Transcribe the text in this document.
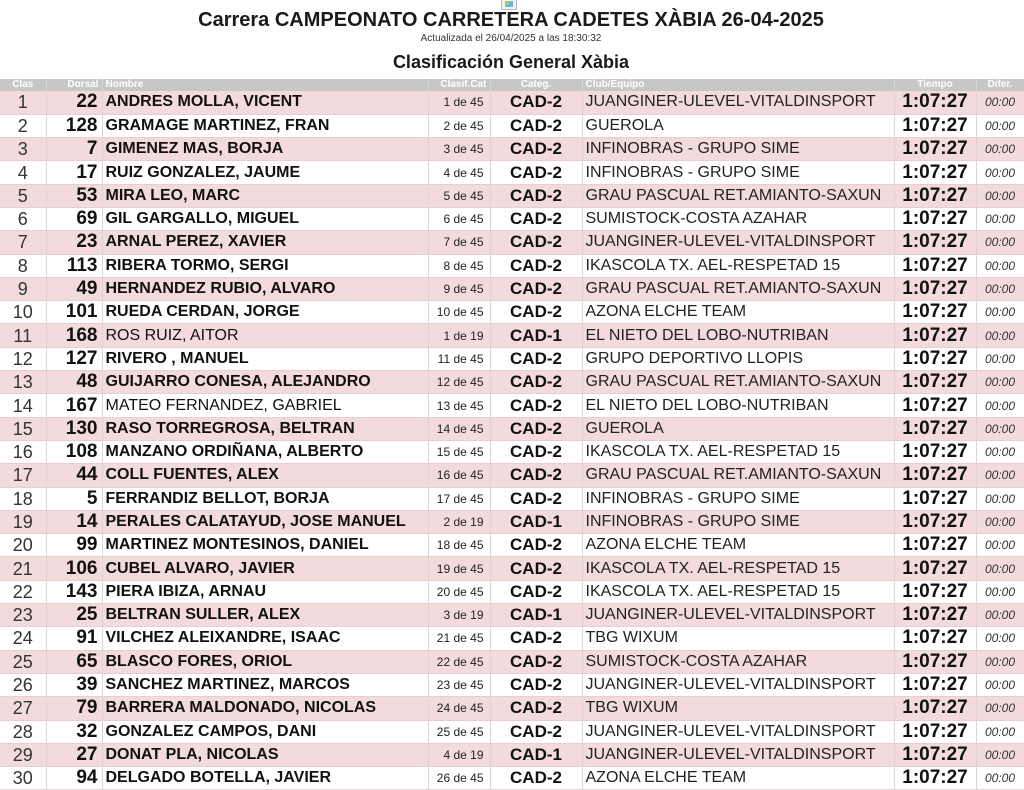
Carrera CAMPEONATO CARRETERA CADETES XÀBIA 26-04-2025
Actualizada el 26/04/2025 a las 18:30:32
Clasificación General Xàbia
Clas	Dorsal	Nombre	Clasif.Cat	Categ.	Club/Equipo	Tiempo	Difer.
1	22	ANDRES MOLLA, VICENT	1 de 45	CAD-2	JUANGINER-ULEVEL-VITALDINSPORT	1:07:27	00:00
2	128	GRAMAGE MARTINEZ, FRAN	2 de 45	CAD-2	GUEROLA	1:07:27	00:00
3	7	GIMENEZ MAS, BORJA	3 de 45	CAD-2	INFINOBRAS - GRUPO SIME	1:07:27	00:00
4	17	RUIZ GONZALEZ, JAUME	4 de 45	CAD-2	INFINOBRAS - GRUPO SIME	1:07:27	00:00
5	53	MIRA LEO, MARC	5 de 45	CAD-2	GRAU PASCUAL RET.AMIANTO-SAXUN	1:07:27	00:00
6	69	GIL GARGALLO, MIGUEL	6 de 45	CAD-2	SUMISTOCK-COSTA AZAHAR	1:07:27	00:00
7	23	ARNAL PEREZ, XAVIER	7 de 45	CAD-2	JUANGINER-ULEVEL-VITALDINSPORT	1:07:27	00:00
8	113	RIBERA TORMO, SERGI	8 de 45	CAD-2	IKASCOLA TX. AEL-RESPETAD 15	1:07:27	00:00
9	49	HERNANDEZ RUBIO, ALVARO	9 de 45	CAD-2	GRAU PASCUAL RET.AMIANTO-SAXUN	1:07:27	00:00
10	101	RUEDA CERDAN, JORGE	10 de 45	CAD-2	AZONA ELCHE TEAM	1:07:27	00:00
11	168	ROS RUIZ, AITOR	1 de 19	CAD-1	EL NIETO DEL LOBO-NUTRIBAN	1:07:27	00:00
12	127	RIVERO , MANUEL	11 de 45	CAD-2	GRUPO DEPORTIVO LLOPIS	1:07:27	00:00
13	48	GUIJARRO CONESA, ALEJANDRO	12 de 45	CAD-2	GRAU PASCUAL RET.AMIANTO-SAXUN	1:07:27	00:00
14	167	MATEO FERNANDEZ, GABRIEL	13 de 45	CAD-2	EL NIETO DEL LOBO-NUTRIBAN	1:07:27	00:00
15	130	RASO TORREGROSA, BELTRAN	14 de 45	CAD-2	GUEROLA	1:07:27	00:00
16	108	MANZANO ORDIÑANA, ALBERTO	15 de 45	CAD-2	IKASCOLA TX. AEL-RESPETAD 15	1:07:27	00:00
17	44	COLL FUENTES, ALEX	16 de 45	CAD-2	GRAU PASCUAL RET.AMIANTO-SAXUN	1:07:27	00:00
18	5	FERRANDIZ BELLOT, BORJA	17 de 45	CAD-2	INFINOBRAS - GRUPO SIME	1:07:27	00:00
19	14	PERALES CALATAYUD, JOSE MANUEL	2 de 19	CAD-1	INFINOBRAS - GRUPO SIME	1:07:27	00:00
20	99	MARTINEZ MONTESINOS, DANIEL	18 de 45	CAD-2	AZONA ELCHE TEAM	1:07:27	00:00
21	106	CUBEL ALVARO, JAVIER	19 de 45	CAD-2	IKASCOLA TX. AEL-RESPETAD 15	1:07:27	00:00
22	143	PIERA IBIZA, ARNAU	20 de 45	CAD-2	IKASCOLA TX. AEL-RESPETAD 15	1:07:27	00:00
23	25	BELTRAN SULLER, ALEX	3 de 19	CAD-1	JUANGINER-ULEVEL-VITALDINSPORT	1:07:27	00:00
24	91	VILCHEZ ALEIXANDRE, ISAAC	21 de 45	CAD-2	TBG WIXUM	1:07:27	00:00
25	65	BLASCO FORES, ORIOL	22 de 45	CAD-2	SUMISTOCK-COSTA AZAHAR	1:07:27	00:00
26	39	SANCHEZ MARTINEZ, MARCOS	23 de 45	CAD-2	JUANGINER-ULEVEL-VITALDINSPORT	1:07:27	00:00
27	79	BARRERA MALDONADO, NICOLAS	24 de 45	CAD-2	TBG WIXUM	1:07:27	00:00
28	32	GONZALEZ CAMPOS, DANI	25 de 45	CAD-2	JUANGINER-ULEVEL-VITALDINSPORT	1:07:27	00:00
29	27	DONAT PLA, NICOLAS	4 de 19	CAD-1	JUANGINER-ULEVEL-VITALDINSPORT	1:07:27	00:00
30	94	DELGADO BOTELLA, JAVIER	26 de 45	CAD-2	AZONA ELCHE TEAM	1:07:27	00:00
